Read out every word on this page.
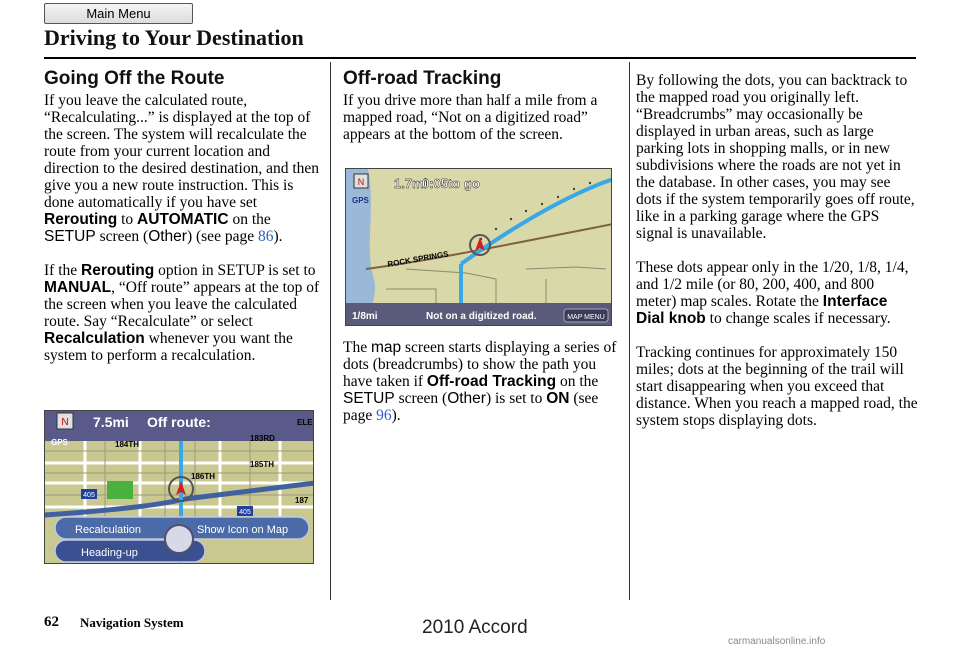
Main Menu
Driving to Your Destination
Going Off the Route

If you leave the calculated route, “Recalculating...” is displayed at the top of the screen. The system will recalculate the route from your current location and direction to the desired destination, and then give you a new route instruction. This is done automatically if you have set Rerouting to AUTOMATIC on the SETUP screen (Other) (see page 86).

If the Rerouting option in SETUP is set to MANUAL, “Off route” appears at the top of the screen when you leave the calculated route. Say “Recalculate” or select Recalculation whenever you want the system to perform a recalculation.

N 7.5mi Off route:
GPS	184TH
183RD
185TH
186TH
187
ELE
405
405
Recalculation
Heading-up
Show Icon on Map
Off-road Tracking

If you drive more than half a mile from a mapped road, “Not on a digitized road” appears at the bottom of the screen.

N 1.7mi
0:05 to go
GPS
ROCK SPRINGS
1/8mi	Not on a digitized road.	MAP MENU

The map screen starts displaying a series of dots (breadcrumbs) to show the path you have taken if Off-road Tracking on the SETUP screen (Other) is set to ON (see page 96).

By following the dots, you can backtrack to the mapped road you originally left. “Breadcrumbs” may occasionally be displayed in urban areas, such as large parking lots in shopping malls, or in new subdivisions where the roads are not yet in the database. In other cases, you may see dots if the system temporarily goes off route, like in a parking garage where the GPS signal is unavailable.

These dots appear only in the 1/20, 1/8, 1/4, and 1/2 mile (or 80, 200, 400, and 800 meter) map scales. Rotate the Interface Dial knob to change scales if necessary.

Tracking continues for approximately 150 miles; dots at the beginning of the trail will start disappearing when you exceed that distance. When you reach a mapped road, the system stops displaying dots.

62 Navigation System	2010 Accord
carmanualsonline.info
